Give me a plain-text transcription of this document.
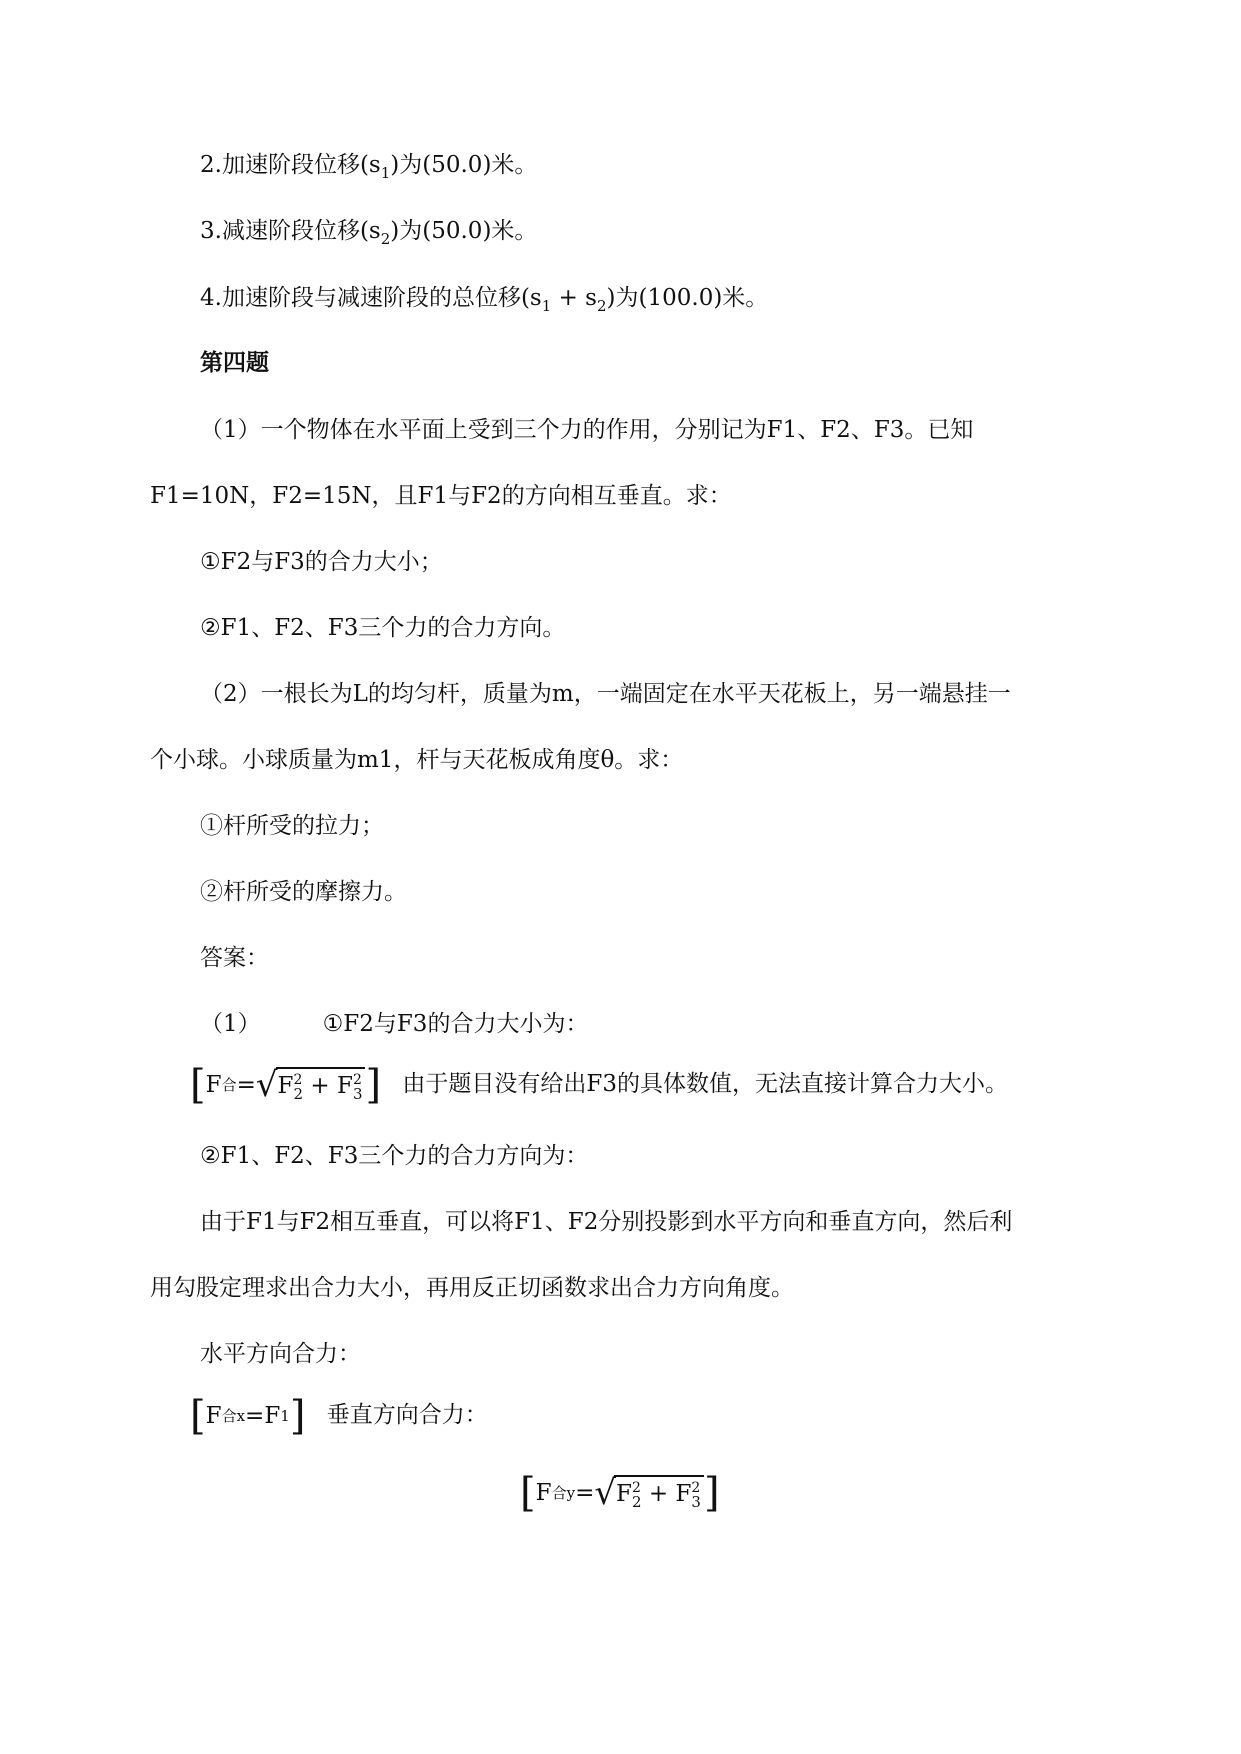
2.加速阶段位移$(s_1)$为(50.0)米。
3.减速阶段位移$(s_2)$为(50.0)米。
4.加速阶段与减速阶段的总位移$(s_1 + s_2)$为(100.0)米。
第四题
（1）一个物体在水平面上受到三个力的作用，分别记为F1、F2、F3。已知
F1=10N，F2=15N，且F1与F2的方向相互垂直。求：
①F2与F3的合力大小；
②F1、F2、F3三个力的合力方向。
（2）一根长为L的均匀杆，质量为m，一端固定在水平天花板上，另一端悬挂一
个小球。小球质量为m1，杆与天花板成角度θ。求：
①杆所受的拉力；
②杆所受的摩擦力。
答案：
（1）	①F2与F3的合力大小为：
[ F 合 = √ F 2
2 + F 2
3 ] 由于题目没有给出F3的具体数值，无法直接计算合力大小。
②F1、F2、F3三个力的合力方向为：
由于F1与F2相互垂直，可以将F1、F2分别投影到水平方向和垂直方向，然后利
用勾股定理求出合力大小，再用反正切函数求出合力方向角度。
水平方向合力：
[ F 合x = F 1 ] 垂直方向合力：
[ F 合y = √ F 2
2 + F 2
3 ]
